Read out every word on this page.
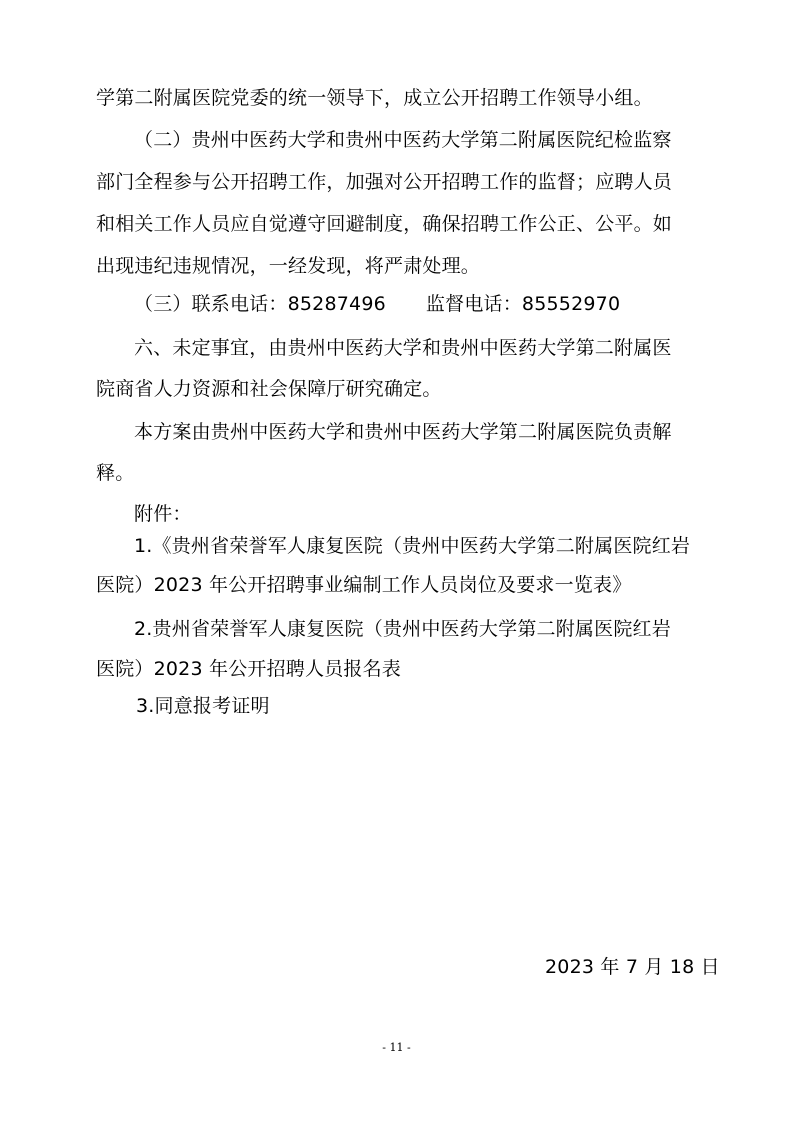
学第二附属医院党委的统一领导下，成立公开招聘工作领导小组。
（二）贵州中医药大学和贵州中医药大学第二附属医院纪检监察
部门全程参与公开招聘工作，加强对公开招聘工作的监督；应聘人员
和相关工作人员应自觉遵守回避制度，确保招聘工作公正、公平。如
出现违纪违规情况，一经发现，将严肃处理。
（三）联系电话：85287496 监督电话：85552970
六、未定事宜，由贵州中医药大学和贵州中医药大学第二附属医
院商省人力资源和社会保障厅研究确定。
本方案由贵州中医药大学和贵州中医药大学第二附属医院负责解
释。
附件：
1.《贵州省荣誉军人康复医院（贵州中医药大学第二附属医院红岩
医院）2023 年公开招聘事业编制工作人员岗位及要求一览表》
2.贵州省荣誉军人康复医院（贵州中医药大学第二附属医院红岩
医院）2023 年公开招聘人员报名表
3.同意报考证明
2023 年 7 月 18 日
- 11 -
